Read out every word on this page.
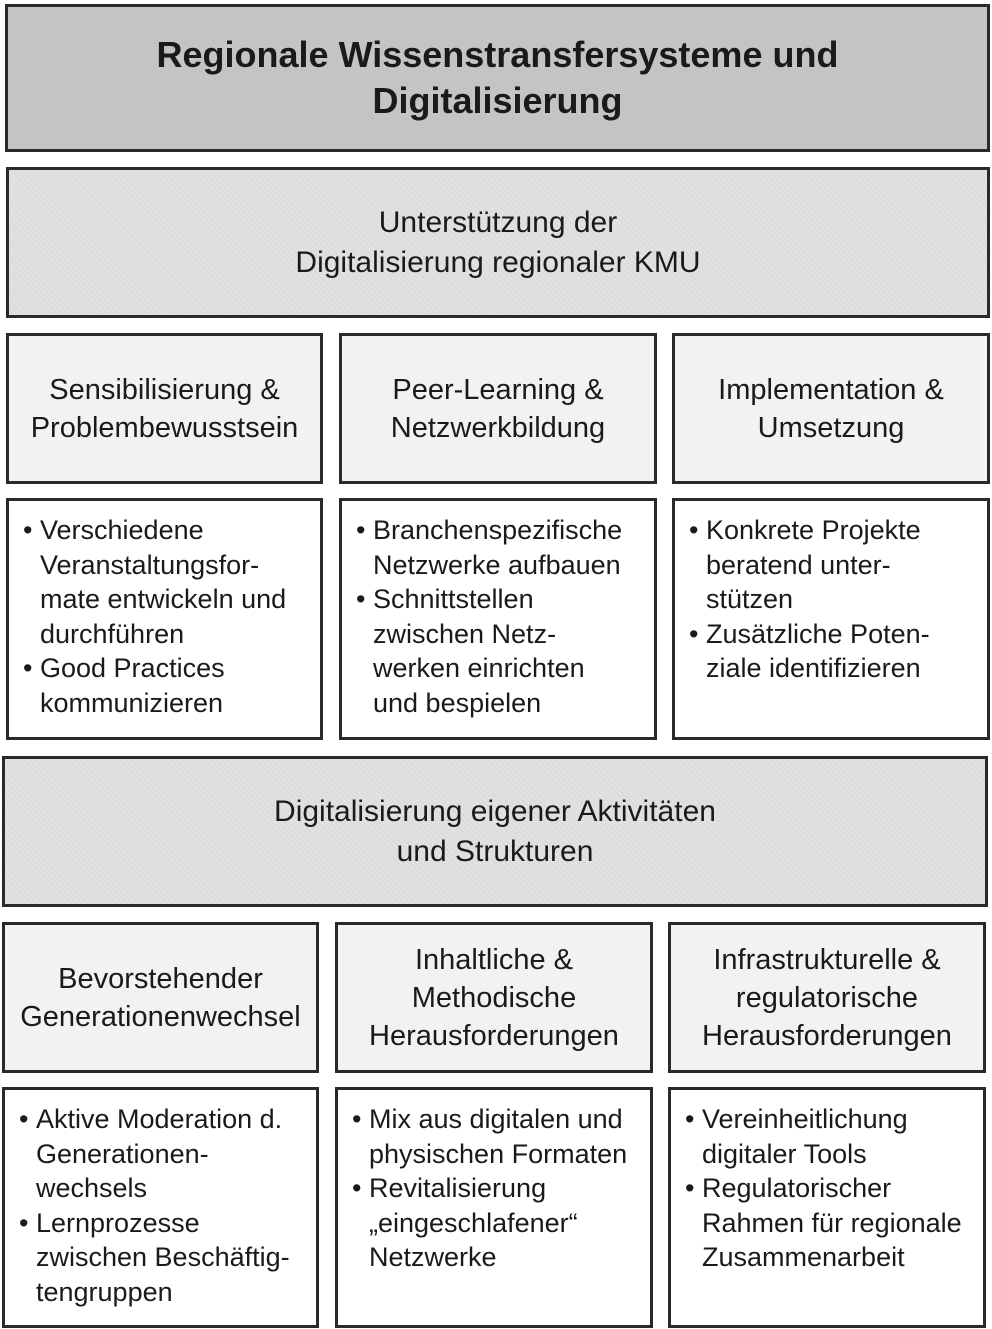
Regionale Wissenstransfersysteme und
Digitalisierung
Unterstützung der
Digitalisierung regionaler KMU
Sensibilisierung &
Problembewusstsein
Peer-Learning &
Netzwerkbildung
Implementation &
Umsetzung
• Verschiedene
Veranstaltungsfor-
mate entwickeln und
durchführen
• Good Practices
kommunizieren
• Branchenspezifische
Netzwerke aufbauen
• Schnittstellen
zwischen Netz-
werken einrichten
und bespielen
• Konkrete Projekte
beratend unter-
stützen
• Zusätzliche Poten-
ziale identifizieren
Digitalisierung eigener Aktivitäten
und Strukturen
Bevorstehender
Generationenwechsel
Inhaltliche &
Methodische
Herausforderungen
Infrastrukturelle &
regulatorische
Herausforderungen
• Aktive Moderation d.
Generationen-
wechsels
• Lernprozesse
zwischen Beschäftig-
tengruppen
• Mix aus digitalen und
physischen Formaten
• Revitalisierung
„eingeschlafener“
Netzwerke
• Vereinheitlichung
digitaler Tools
• Regulatorischer
Rahmen für regionale
Zusammenarbeit
